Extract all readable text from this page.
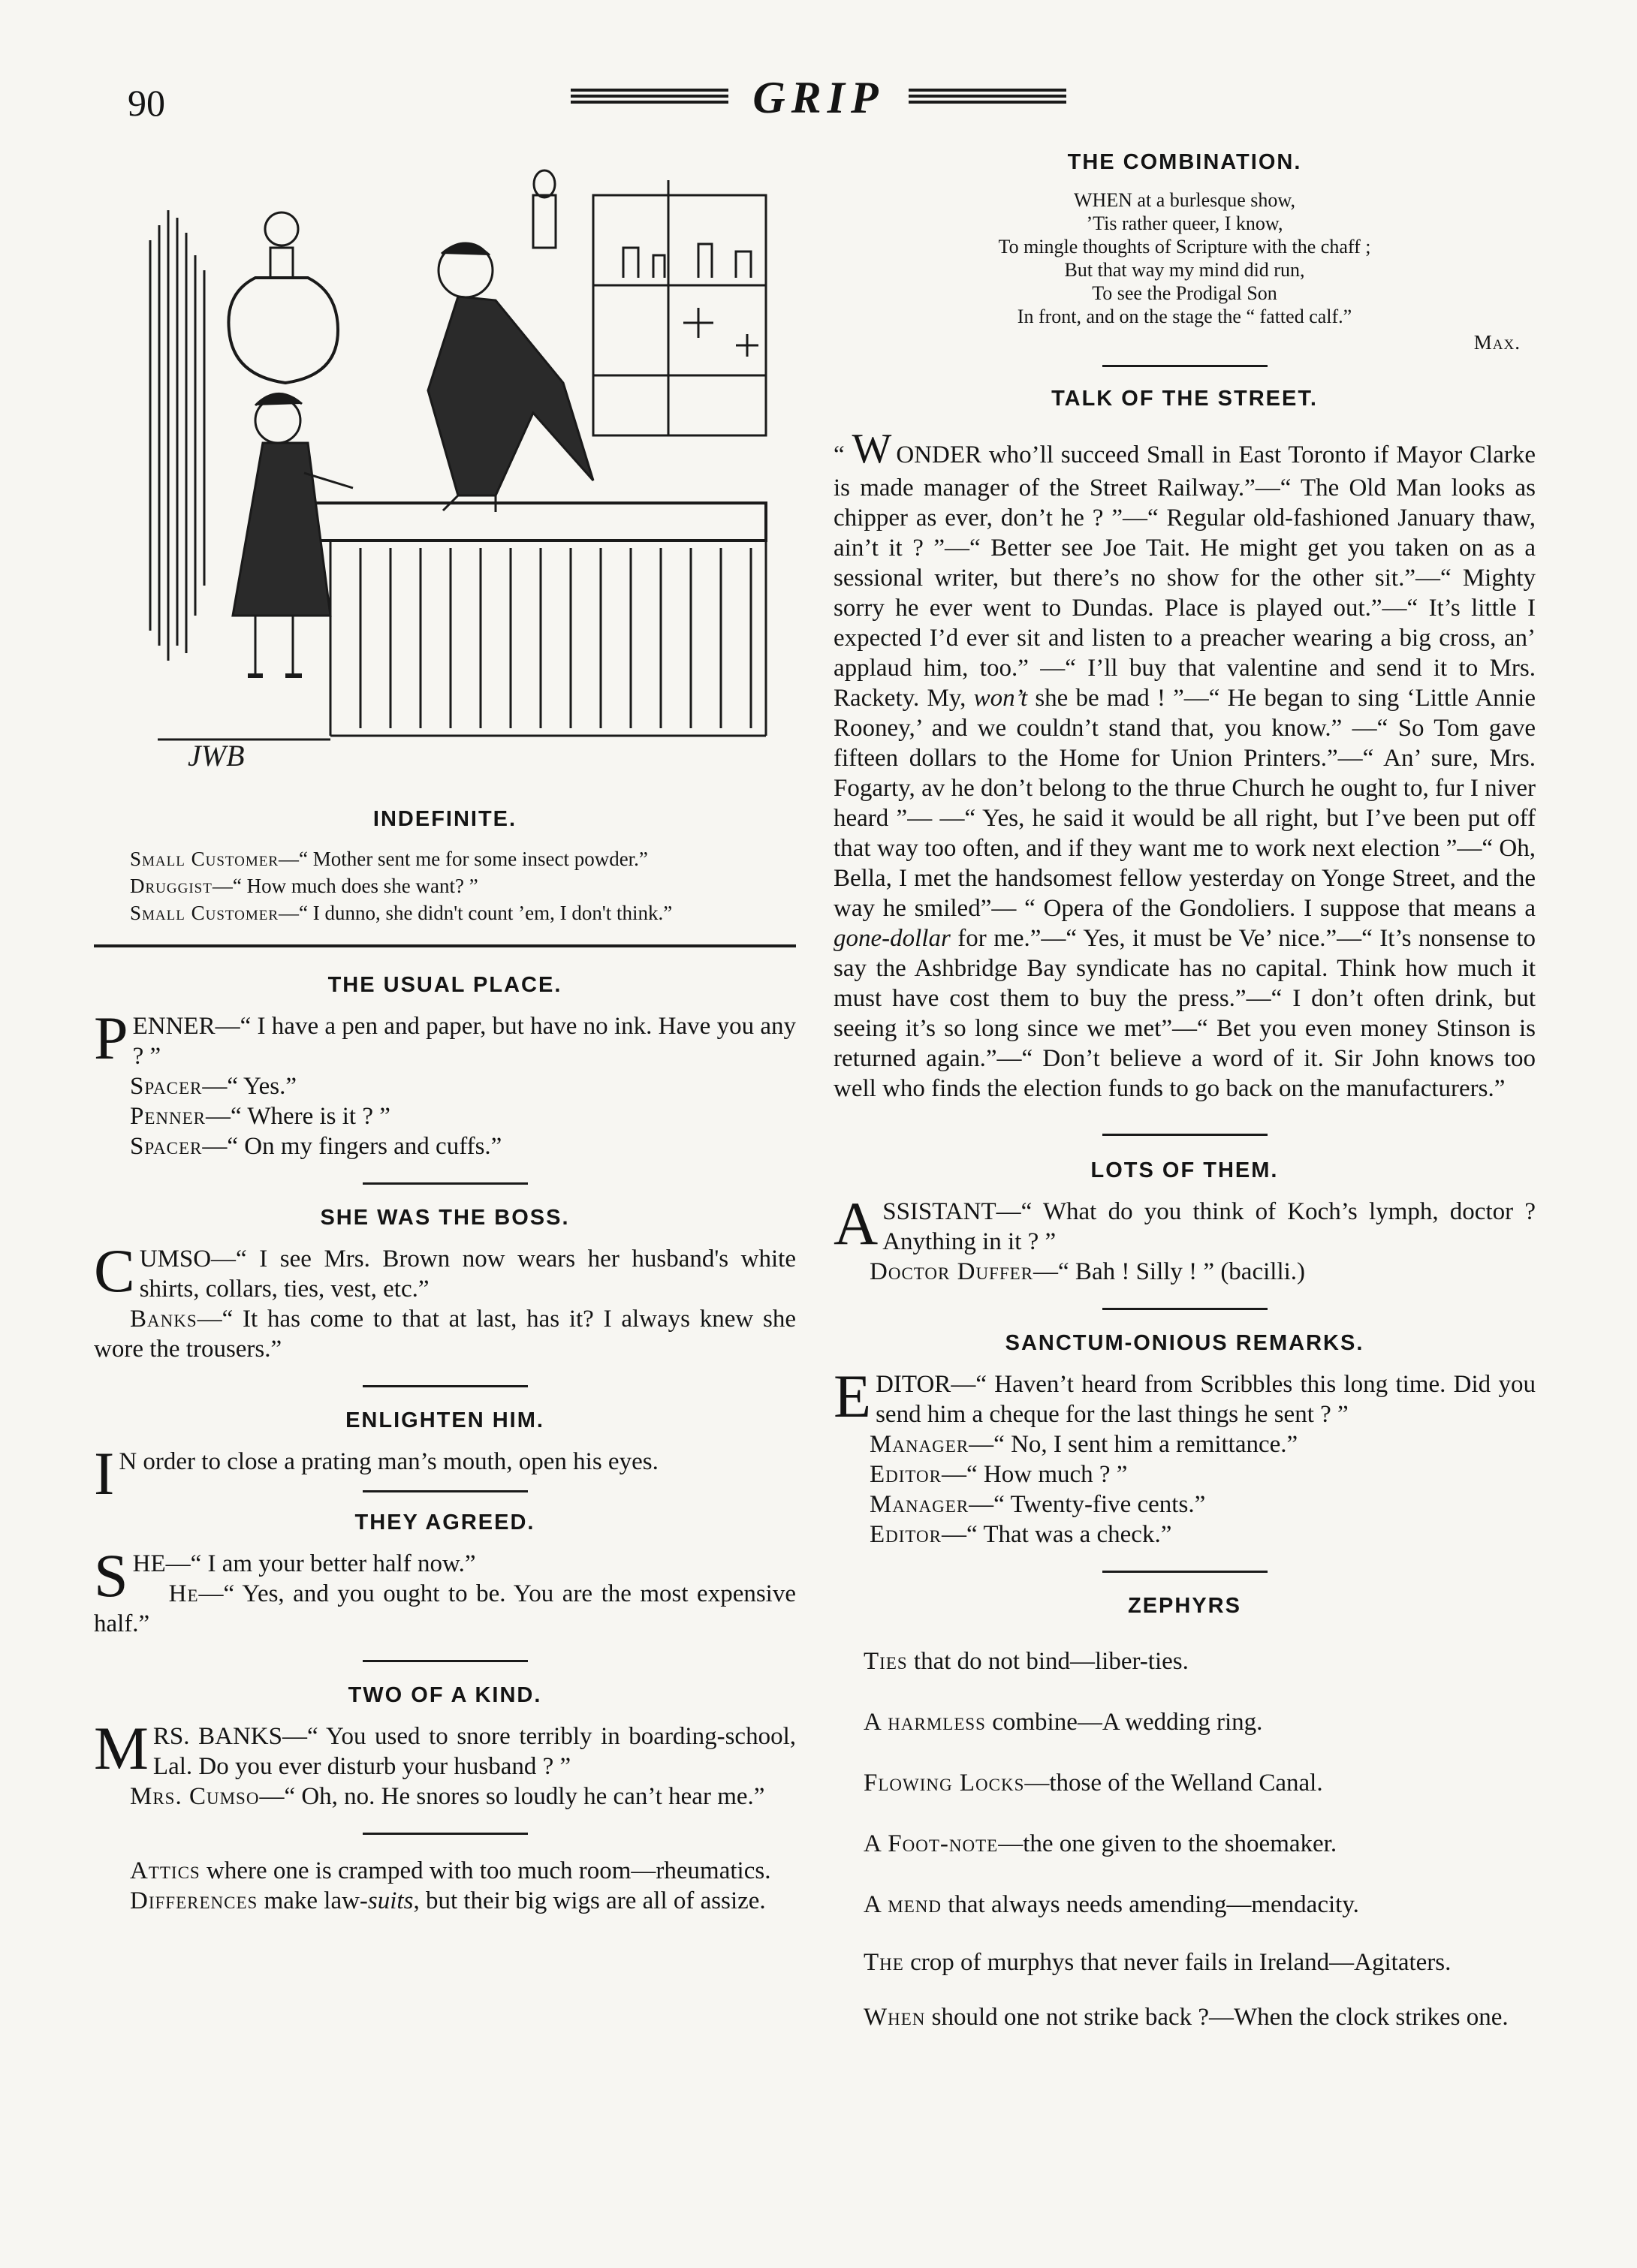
90	GRIP
JWB
INDEFINITE.

Small Customer—“ Mother sent me for some insect powder.”

Druggist—“ How much does she want? ”

Small Customer—“ I dunno, she didn't count ’em, I don't think.”

THE USUAL PLACE.

PENNER—“ I have a pen and paper, but have no ink. Have you any ? ”

Spacer—“ Yes.”

Penner—“ Where is it ? ”

Spacer—“ On my fingers and cuffs.”

SHE WAS THE BOSS.

CUMSO—“ I see Mrs. Brown now wears her husband's white shirts, collars, ties, vest, etc.”

Banks—“ It has come to that at last, has it? I always knew she wore the trousers.”

ENLIGHTEN HIM.

I N order to close a prating man’s mouth, open his eyes.

THEY AGREED.

SHE—“ I am your better half now.”

He—“ Yes, and you ought to be. You are the most expensive half.”

TWO OF A KIND.

MRS. BANKS—“ You used to snore terribly in boarding-school, Lal. Do you ever disturb your husband ? ”

Mrs. Cumso—“ Oh, no. He snores so loudly he can’t hear me.”

Attics where one is cramped with too much room—rheumatics.

Differences make law-suits, but their big wigs are all of assize.

THE COMBINATION.

WHEN at a burlesque show,

’Tis rather queer, I know,

To mingle thoughts of Scripture with the chaff ;

But that way my mind did run,

To see the Prodigal Son

In front, and on the stage the “ fatted calf.”

Max.

TALK OF THE STREET.

“ W ONDER who’ll succeed Small in East Toronto if Mayor Clarke is made manager of the Street Railway.”—“ The Old Man looks as chipper as ever, don’t he ? ”—“ Regular old-fashioned January thaw, ain’t it ? ”—“ Better see Joe Tait. He might get you taken on as a sessional writer, but there’s no show for the other sit.”—“ Mighty sorry he ever went to Dundas. Place is played out.”—“ It’s little I expected I’d ever sit and listen to a preacher wearing a big cross, an’ applaud him, too.” —“ I’ll buy that valentine and send it to Mrs. Rackety. My, won’t she be mad ! ”—“ He began to sing ‘Little Annie Rooney,’ and we couldn’t stand that, you know.” —“ So Tom gave fifteen dollars to the Home for Union Printers.”—“ An’ sure, Mrs. Fogarty, av he don’t belong to the thrue Church he ought to, fur I niver heard ”— —“ Yes, he said it would be all right, but I’ve been put off that way too often, and if they want me to work next election ”—“ Oh, Bella, I met the handsomest fellow yesterday on Yonge Street, and the way he smiled”— “ Opera of the Gondoliers. I suppose that means a gone-dollar for me.”—“ Yes, it must be Ve’ nice.”—“ It’s nonsense to say the Ashbridge Bay syndicate has no capital. Think how much it must have cost them to buy the press.”—“ I don’t often drink, but seeing it’s so long since we met”—“ Bet you even money Stinson is returned again.”—“ Don’t believe a word of it. Sir John knows too well who finds the election funds to go back on the manufacturers.”

LOTS OF THEM.

ASSISTANT—“ What do you think of Koch’s lymph, doctor ? Anything in it ? ”

Doctor Duffer—“ Bah ! Silly ! ” (bacilli.)

SANCTUM-ONIOUS REMARKS.

EDITOR—“ Haven’t heard from Scribbles this long time. Did you send him a cheque for the last things he sent ? ”

Manager—“ No, I sent him a remittance.”

Editor—“ How much ? ”

Manager—“ Twenty-five cents.”

Editor—“ That was a check.”

ZEPHYRS

Ties that do not bind—liber-ties.

A harmless combine—A wedding ring.

Flowing Locks—those of the Welland Canal.

A Foot-note—the one given to the shoemaker.

A mend that always needs amending—mendacity.

The crop of murphys that never fails in Ireland—Agitaters.

When should one not strike back ?—When the clock strikes one.
